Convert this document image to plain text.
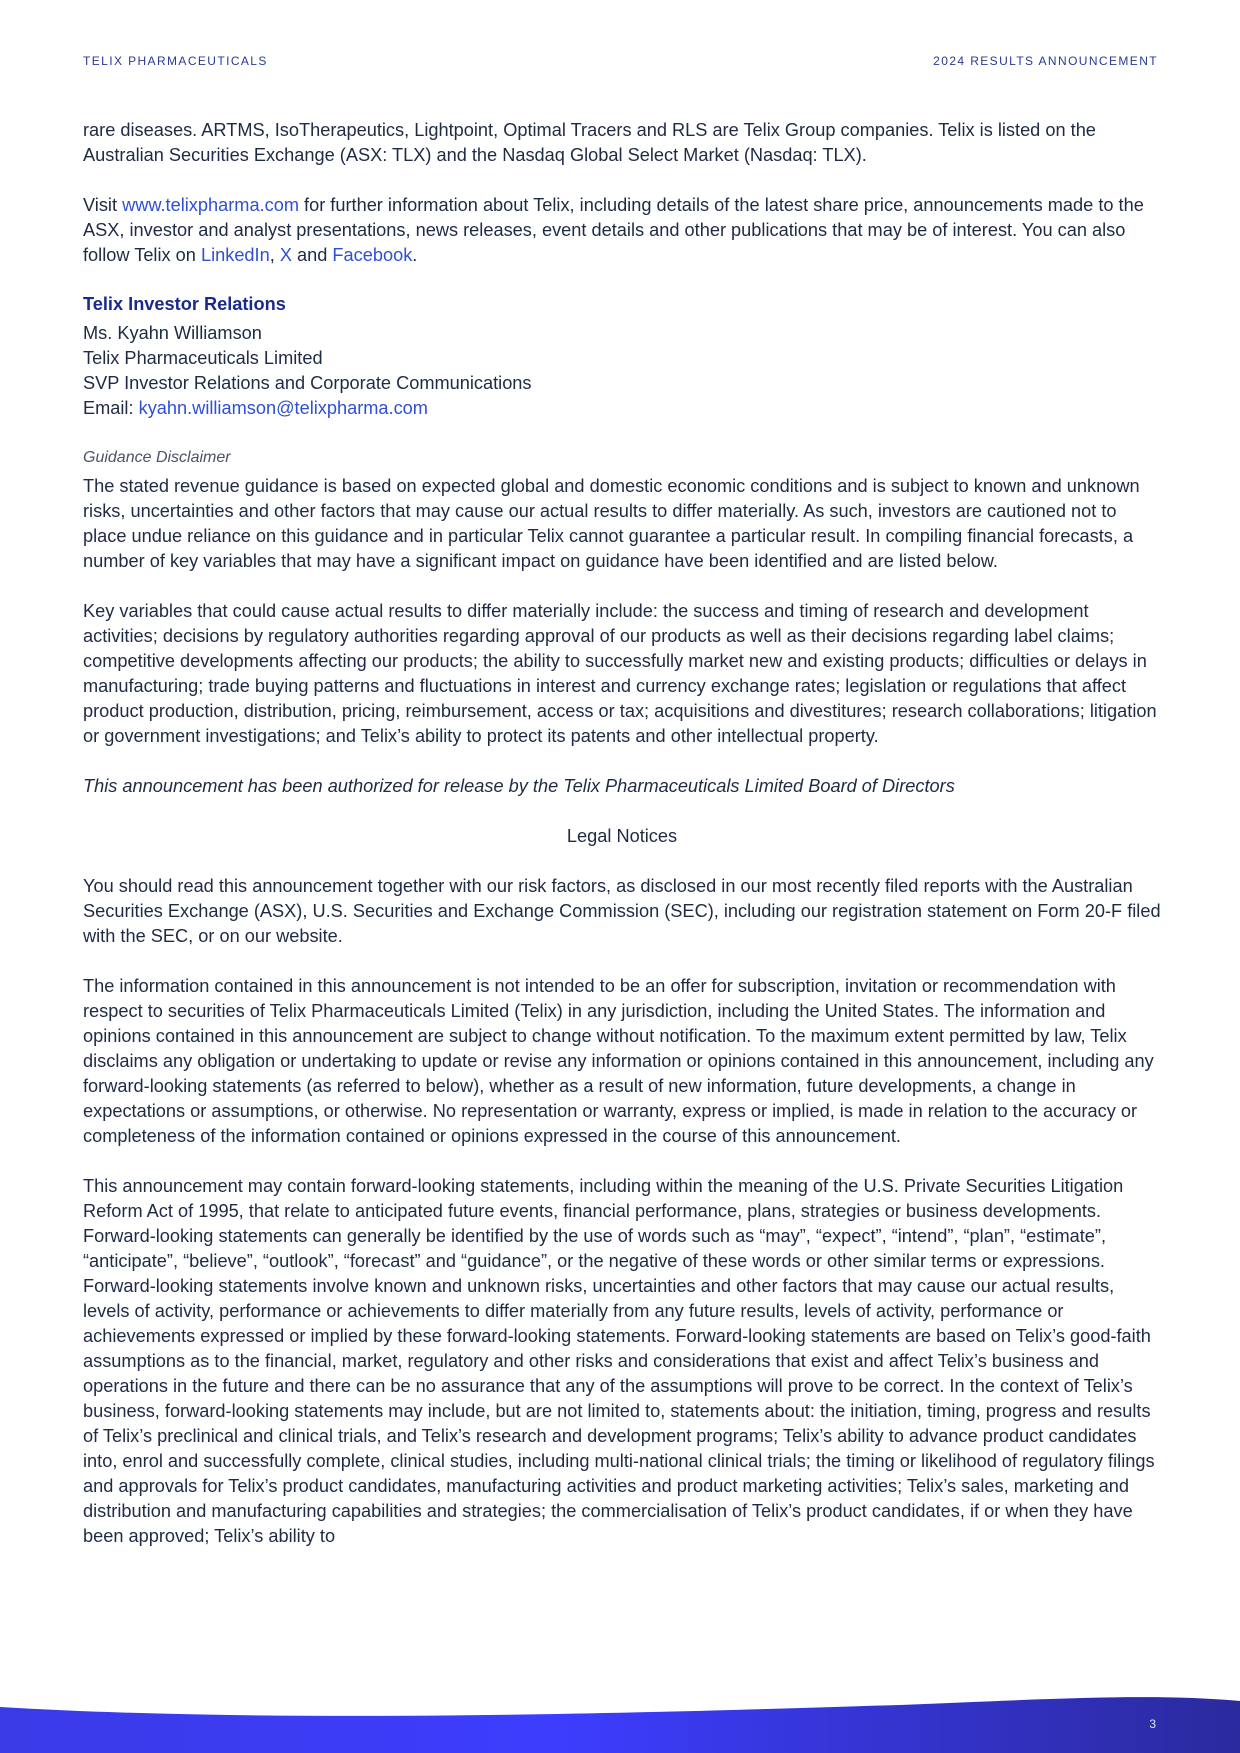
TELIX PHARMACEUTICALS	2024 RESULTS ANNOUNCEMENT

rare diseases. ARTMS, IsoTherapeutics, Lightpoint, Optimal Tracers and RLS are Telix Group companies. Telix is listed on the Australian Securities Exchange (ASX: TLX) and the Nasdaq Global Select Market (Nasdaq: TLX).

Visit www.telixpharma.com for further information about Telix, including details of the latest share price, announcements made to the ASX, investor and analyst presentations, news releases, event details and other publications that may be of interest. You can also follow Telix on LinkedIn, X and Facebook.

Telix Investor Relations

Ms. Kyahn Williamson

Telix Pharmaceuticals Limited

SVP Investor Relations and Corporate Communications

Email: kyahn.williamson@telixpharma.com

Guidance Disclaimer

The stated revenue guidance is based on expected global and domestic economic conditions and is subject to known and unknown risks, uncertainties and other factors that may cause our actual results to differ materially. As such, investors are cautioned not to place undue reliance on this guidance and in particular Telix cannot guarantee a particular result. In compiling financial forecasts, a number of key variables that may have a significant impact on guidance have been identified and are listed below.

Key variables that could cause actual results to differ materially include: the success and timing of research and development activities; decisions by regulatory authorities regarding approval of our products as well as their decisions regarding label claims; competitive developments affecting our products; the ability to successfully market new and existing products; difficulties or delays in manufacturing; trade buying patterns and fluctuations in interest and currency exchange rates; legislation or regulations that affect product production, distribution, pricing, reimbursement, access or tax; acquisitions and divestitures; research collaborations; litigation or government investigations; and Telix’s ability to protect its patents and other intellectual property.

This announcement has been authorized for release by the Telix Pharmaceuticals Limited Board of Directors

Legal Notices

You should read this announcement together with our risk factors, as disclosed in our most recently filed reports with the Australian Securities Exchange (ASX), U.S. Securities and Exchange Commission (SEC), including our registration statement on Form 20-F filed with the SEC, or on our website.

The information contained in this announcement is not intended to be an offer for subscription, invitation or recommendation with respect to securities of Telix Pharmaceuticals Limited (Telix) in any jurisdiction, including the United States. The information and opinions contained in this announcement are subject to change without notification. To the maximum extent permitted by law, Telix disclaims any obligation or undertaking to update or revise any information or opinions contained in this announcement, including any forward-looking statements (as referred to below), whether as a result of new information, future developments, a change in expectations or assumptions, or otherwise. No representation or warranty, express or implied, is made in relation to the accuracy or completeness of the information contained or opinions expressed in the course of this announcement.

This announcement may contain forward-looking statements, including within the meaning of the U.S. Private Securities Litigation Reform Act of 1995, that relate to anticipated future events, financial performance, plans, strategies or business developments. Forward-looking statements can generally be identified by the use of words such as “may”, “expect”, “intend”, “plan”, “estimate”, “anticipate”, “believe”, “outlook”, “forecast” and “guidance”, or the negative of these words or other similar terms or expressions. Forward-looking statements involve known and unknown risks, uncertainties and other factors that may cause our actual results, levels of activity, performance or achievements to differ materially from any future results, levels of activity, performance or achievements expressed or implied by these forward-looking statements. Forward-looking statements are based on Telix’s good-faith assumptions as to the financial, market, regulatory and other risks and considerations that exist and affect Telix’s business and operations in the future and there can be no assurance that any of the assumptions will prove to be correct. In the context of Telix’s business, forward-looking statements may include, but are not limited to, statements about: the initiation, timing, progress and results of Telix’s preclinical and clinical trials, and Telix’s research and development programs; Telix’s ability to advance product candidates into, enrol and successfully complete, clinical studies, including multi-national clinical trials; the timing or likelihood of regulatory filings and approvals for Telix’s product candidates, manufacturing activities and product marketing activities; Telix’s sales, marketing and distribution and manufacturing capabilities and strategies; the commercialisation of Telix’s product candidates, if or when they have been approved; Telix’s ability to

3
